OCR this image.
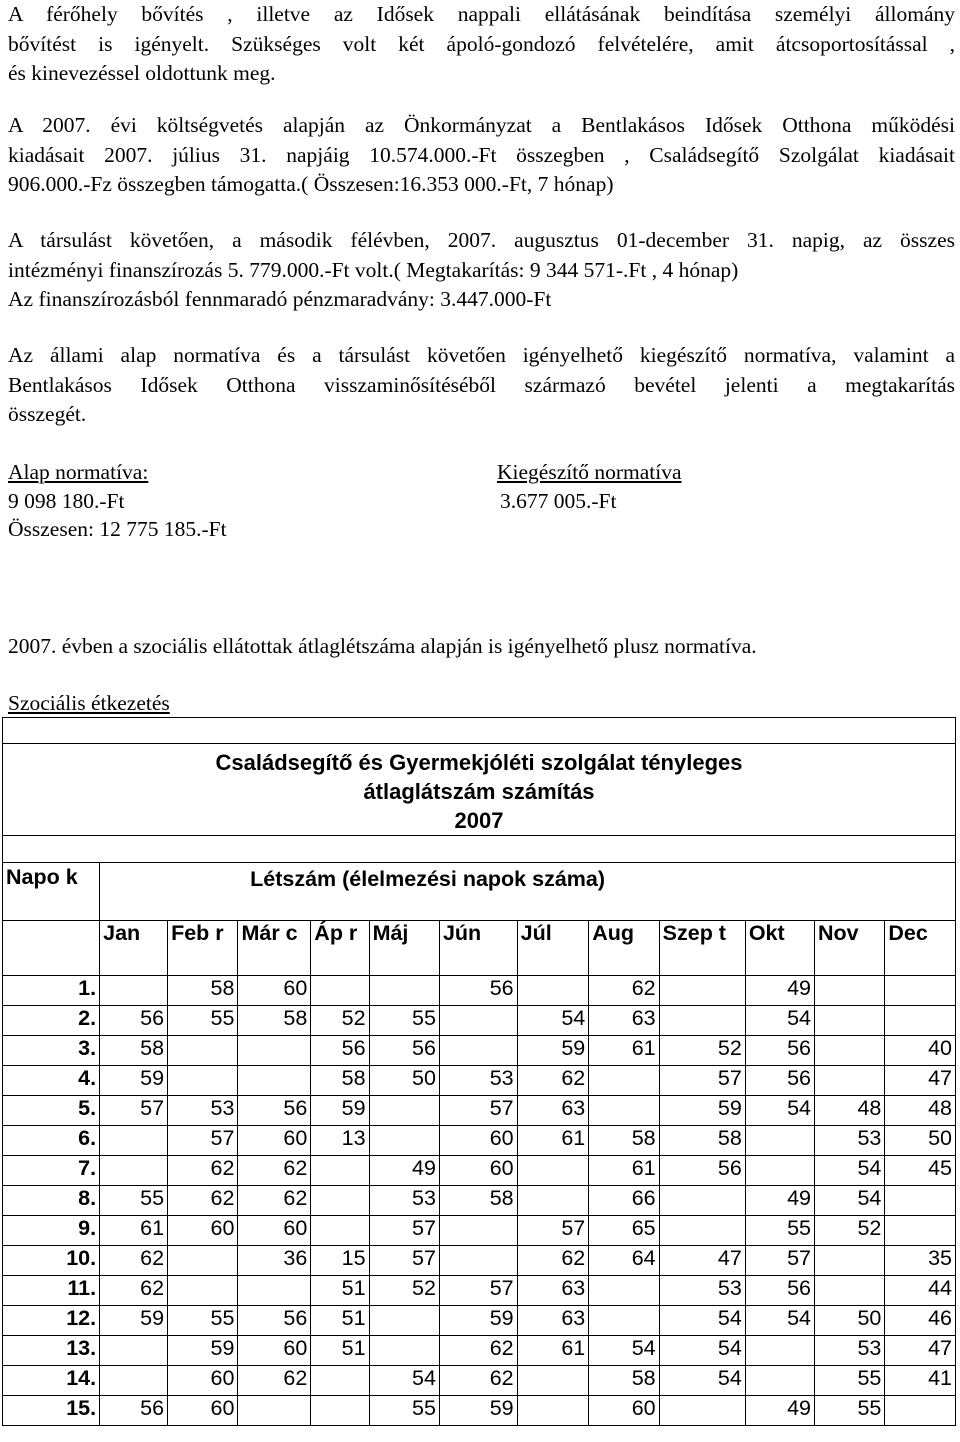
A férőhely bővítés , illetve az Idősek nappali ellátásának beindítása személyi állomány
bővítést is igényelt. Szükséges volt két ápoló-gondozó felvételére, amit átcsoportosítással ,
és kinevezéssel oldottunk meg.
A 2007. évi költségvetés alapján az Önkormányzat a Bentlakásos Idősek Otthona működési
kiadásait 2007. július 31. napjáig 10.574.000.-Ft összegben , Családsegítő Szolgálat kiadásait
906.000.-Fz összegben támogatta.( Összesen:16.353 000.-Ft, 7 hónap)
A társulást követően, a második félévben, 2007. augusztus 01-december 31. napig, az összes
intézményi finanszírozás 5. 779.000.-Ft volt.( Megtakarítás: 9 344 571-.Ft , 4 hónap)
Az finanszírozásból fennmaradó pénzmaradvány: 3.447.000-Ft
Az állami alap normatíva és a társulást követően igényelhető kiegészítő normatíva, valamint a
Bentlakásos Idősek Otthona visszaminősítéséből származó bevétel jelenti a megtakarítás
összegét.
Alap normatíva:	Kiegészítő normatíva
9 098 180.-Ft	3.677 005.-Ft
Összesen: 12 775 185.-Ft
2007. évben a szociális ellátottak átlaglétszáma alapján is igényelhető plusz normatíva.
Szociális étkezetés

Családsegítő és Gyermekjóléti szolgálat tényleges
átlaglátszám számítás
2007												

Napo k	Létszám (élelmezési napok száma)											
	Jan	Feb r	Már c	Áp r	Máj	Jún	Júl	Aug	Szep t	Okt	Nov	Dec
1.		58	60			56		62		49		
2.	56	55	58	52	55		54	63		54		
3.	58			56	56		59	61	52	56		40
4.	59			58	50	53	62		57	56		47
5.	57	53	56	59		57	63		59	54	48	48
6.		57	60	13		60	61	58	58		53	50
7.		62	62		49	60		61	56		54	45
8.	55	62	62		53	58		66		49	54	
9.	61	60	60		57		57	65		55	52	
10.	62		36	15	57		62	64	47	57		35
11.	62			51	52	57	63		53	56		44
12.	59	55	56	51		59	63		54	54	50	46
13.		59	60	51		62	61	54	54		53	47
14.		60	62		54	62		58	54		55	41
15.	56	60			55	59		60		49	55	
